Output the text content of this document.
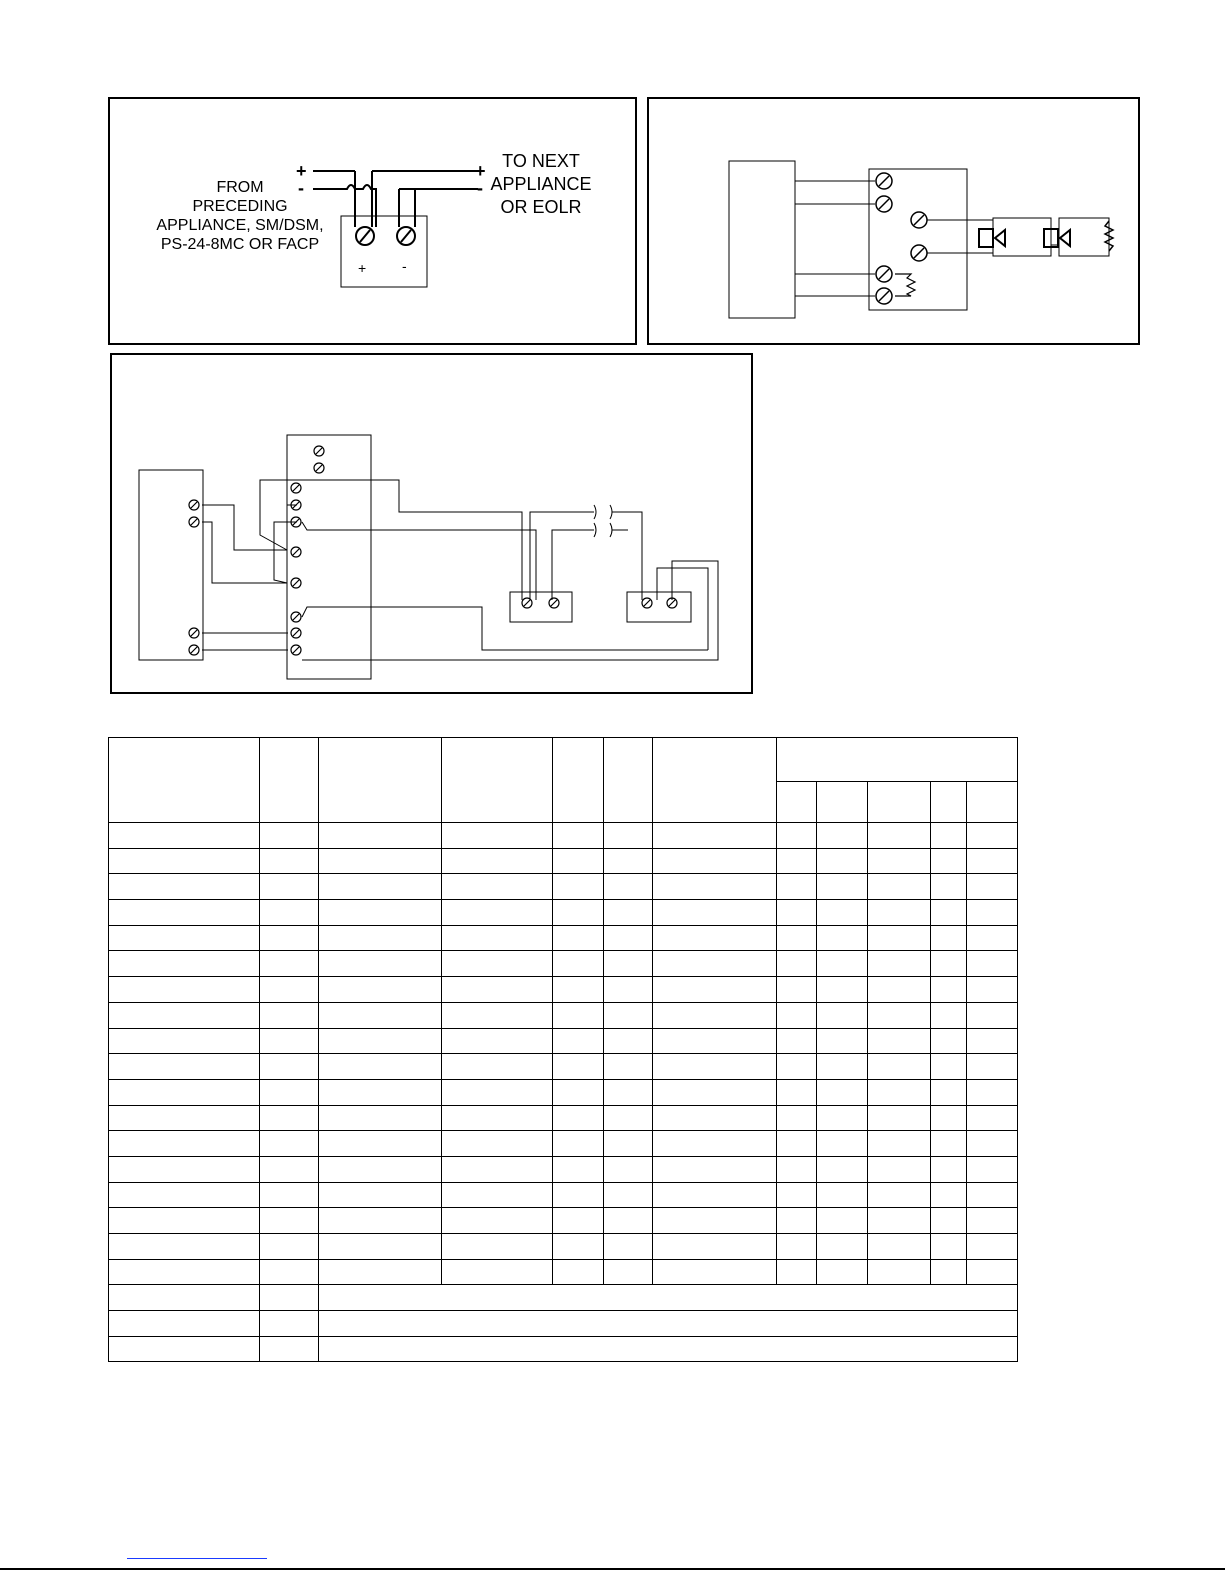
FROM
PRECEDING
APPLIANCE, SM/DSM,
PS-24-8MC OR FACP
TO NEXT
APPLIANCE
OR EOLR
+
-
+
-
+	-
